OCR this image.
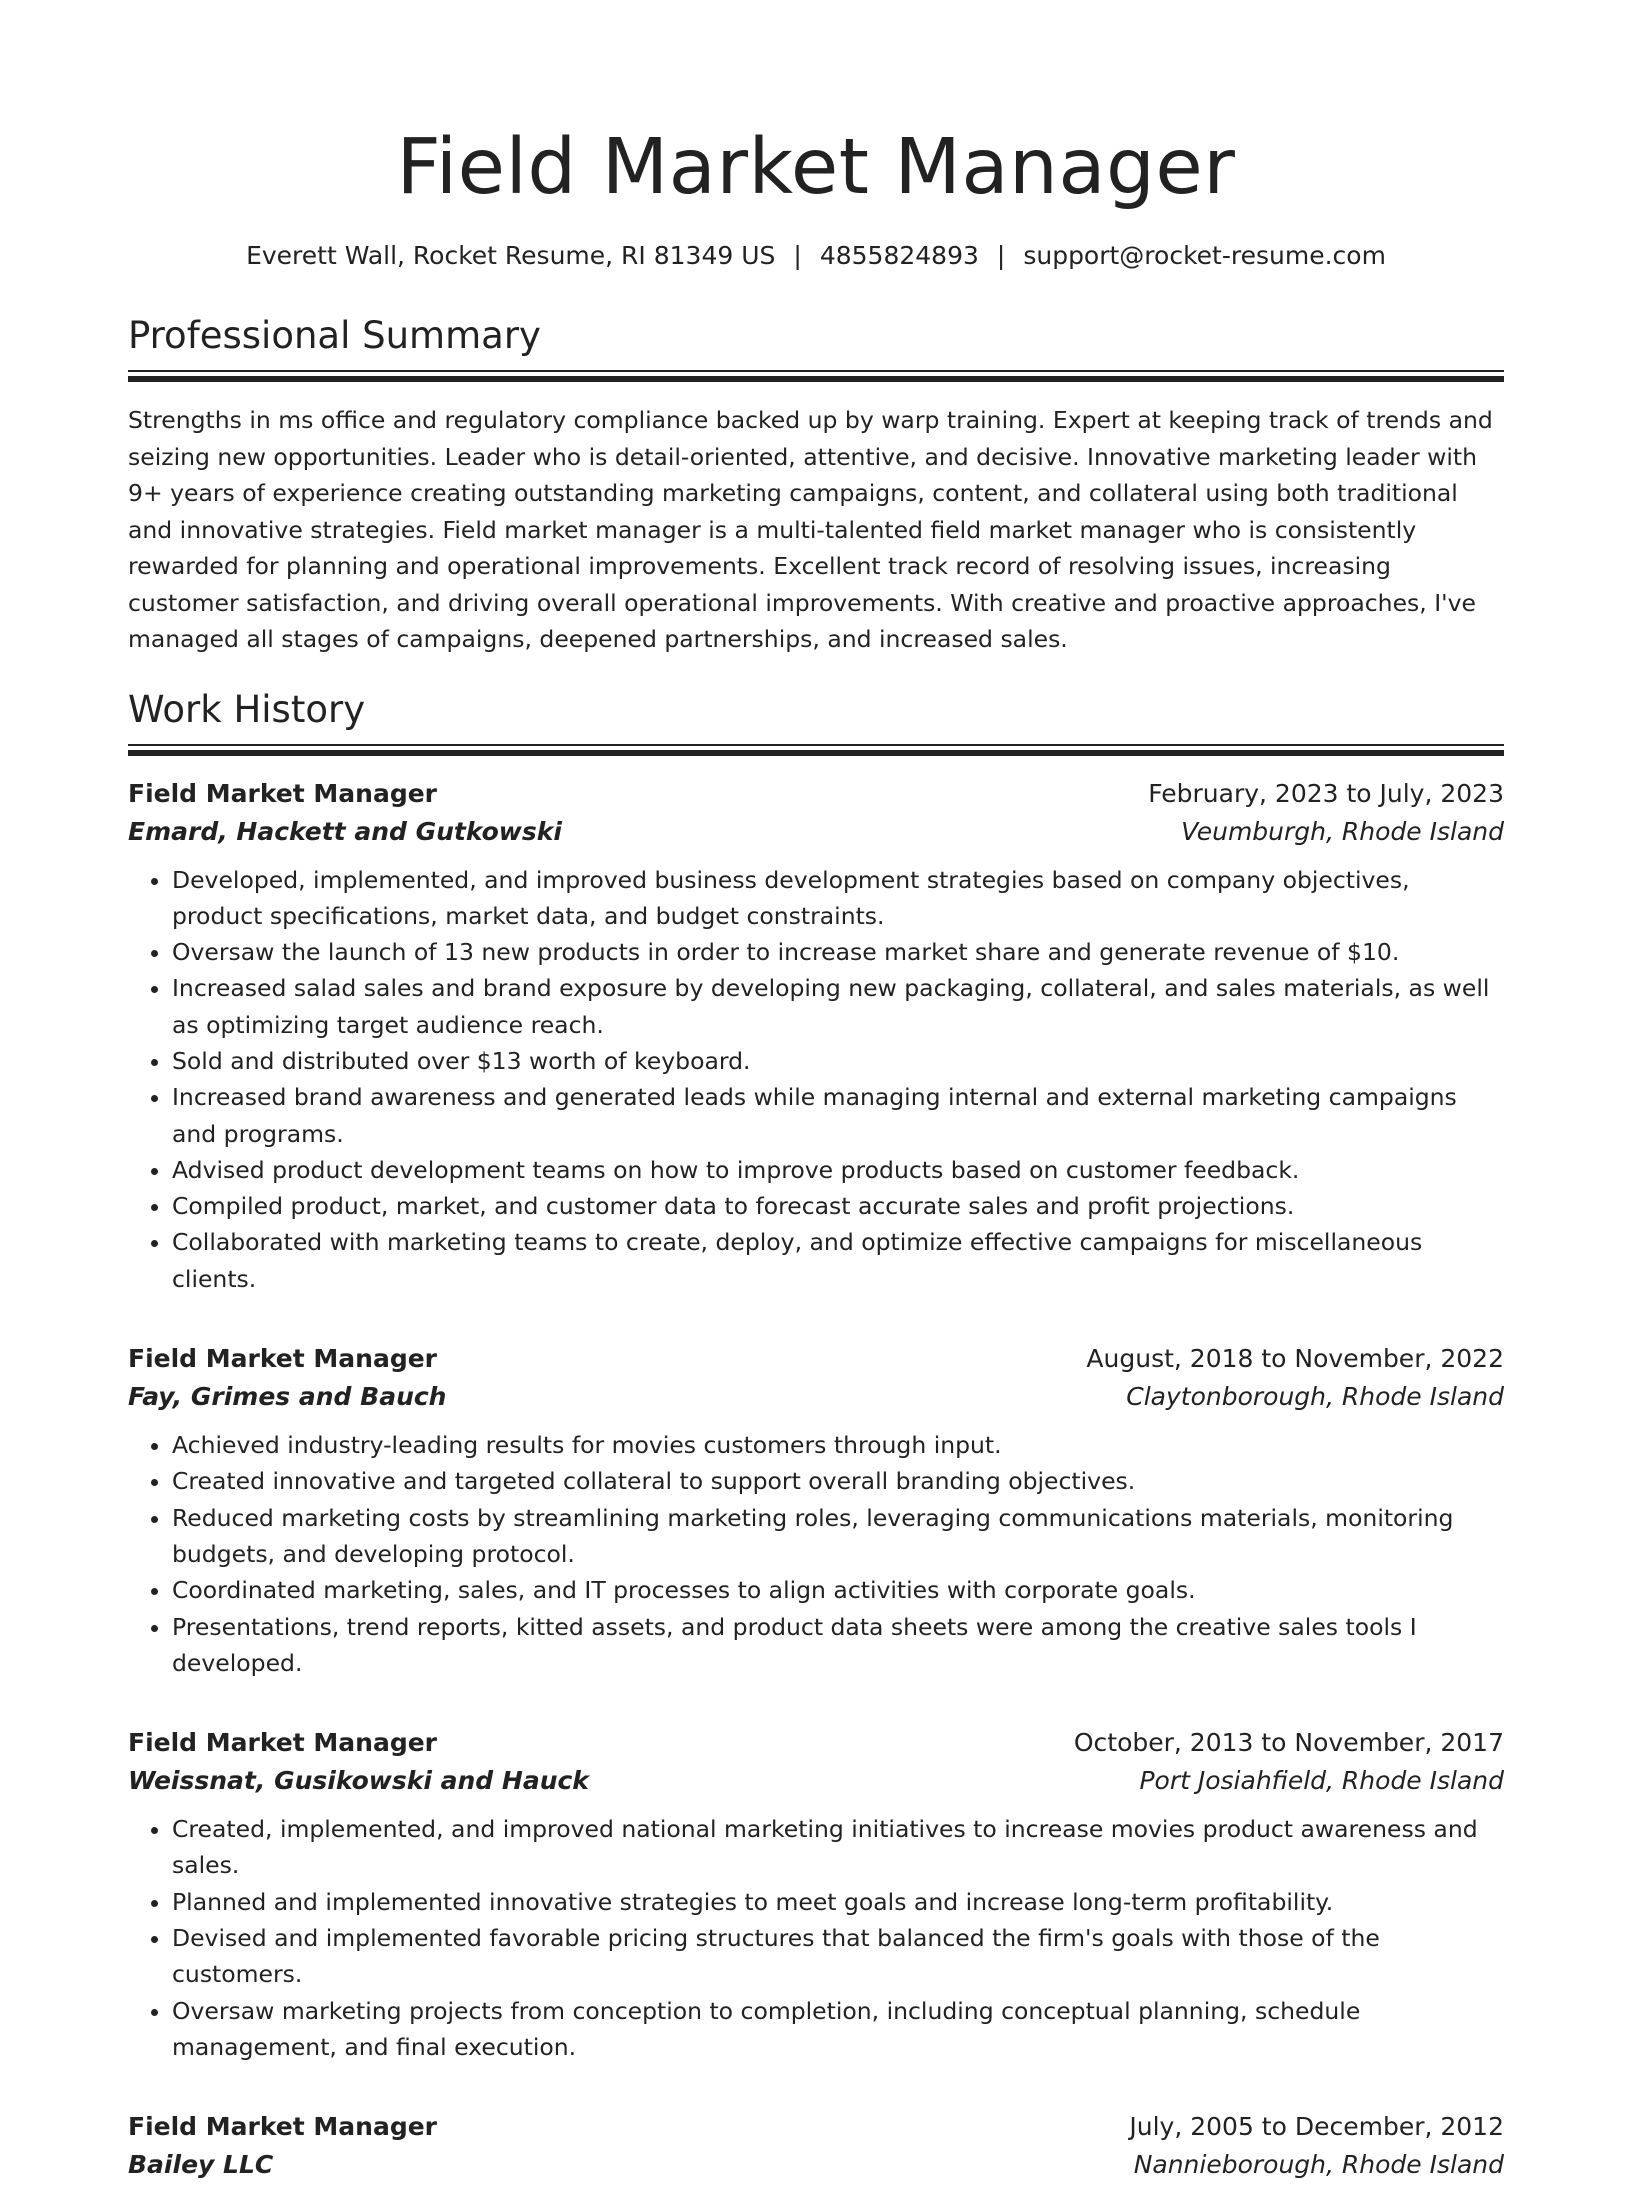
Field Market Manager
Everett Wall, Rocket Resume, RI 81349 US | 4855824893 | support@rocket-resume.com
Professional Summary

Strengths in ms office and regulatory compliance backed up by warp training. Expert at keeping track of trends and seizing new opportunities. Leader who is detail-oriented, attentive, and decisive. Innovative marketing leader with 9+ years of experience creating outstanding marketing campaigns, content, and collateral using both traditional and innovative strategies. Field market manager is a multi-talented field market manager who is consistently rewarded for planning and operational improvements. Excellent track record of resolving issues, increasing customer satisfaction, and driving overall operational improvements. With creative and proactive approaches, I've managed all stages of campaigns, deepened partnerships, and increased sales.

Work History
Field Market Manager	February, 2023 to July, 2023
Emard, Hackett and Gutkowski	Veumburgh, Rhode Island
• Developed, implemented, and improved business development strategies based on company objectives, product specifications, market data, and budget constraints.
• Oversaw the launch of 13 new products in order to increase market share and generate revenue of $10.
• Increased salad sales and brand exposure by developing new packaging, collateral, and sales materials, as well as optimizing target audience reach.
• Sold and distributed over $13 worth of keyboard.
• Increased brand awareness and generated leads while managing internal and external marketing campaigns and programs.
• Advised product development teams on how to improve products based on customer feedback.
• Compiled product, market, and customer data to forecast accurate sales and profit projections.
• Collaborated with marketing teams to create, deploy, and optimize effective campaigns for miscellaneous clients.
Field Market Manager	August, 2018 to November, 2022
Fay, Grimes and Bauch	Claytonborough, Rhode Island
• Achieved industry-leading results for movies customers through input.
• Created innovative and targeted collateral to support overall branding objectives.
• Reduced marketing costs by streamlining marketing roles, leveraging communications materials, monitoring budgets, and developing protocol.
• Coordinated marketing, sales, and IT processes to align activities with corporate goals.
• Presentations, trend reports, kitted assets, and product data sheets were among the creative sales tools I developed.
Field Market Manager	October, 2013 to November, 2017
Weissnat, Gusikowski and Hauck	Port Josiahfield, Rhode Island
• Created, implemented, and improved national marketing initiatives to increase movies product awareness and sales.
• Planned and implemented innovative strategies to meet goals and increase long-term profitability.
• Devised and implemented favorable pricing structures that balanced the firm's goals with those of the customers.
• Oversaw marketing projects from conception to completion, including conceptual planning, schedule management, and final execution.
Field Market Manager	July, 2005 to December, 2012
Bailey LLC	Nannieborough, Rhode Island
